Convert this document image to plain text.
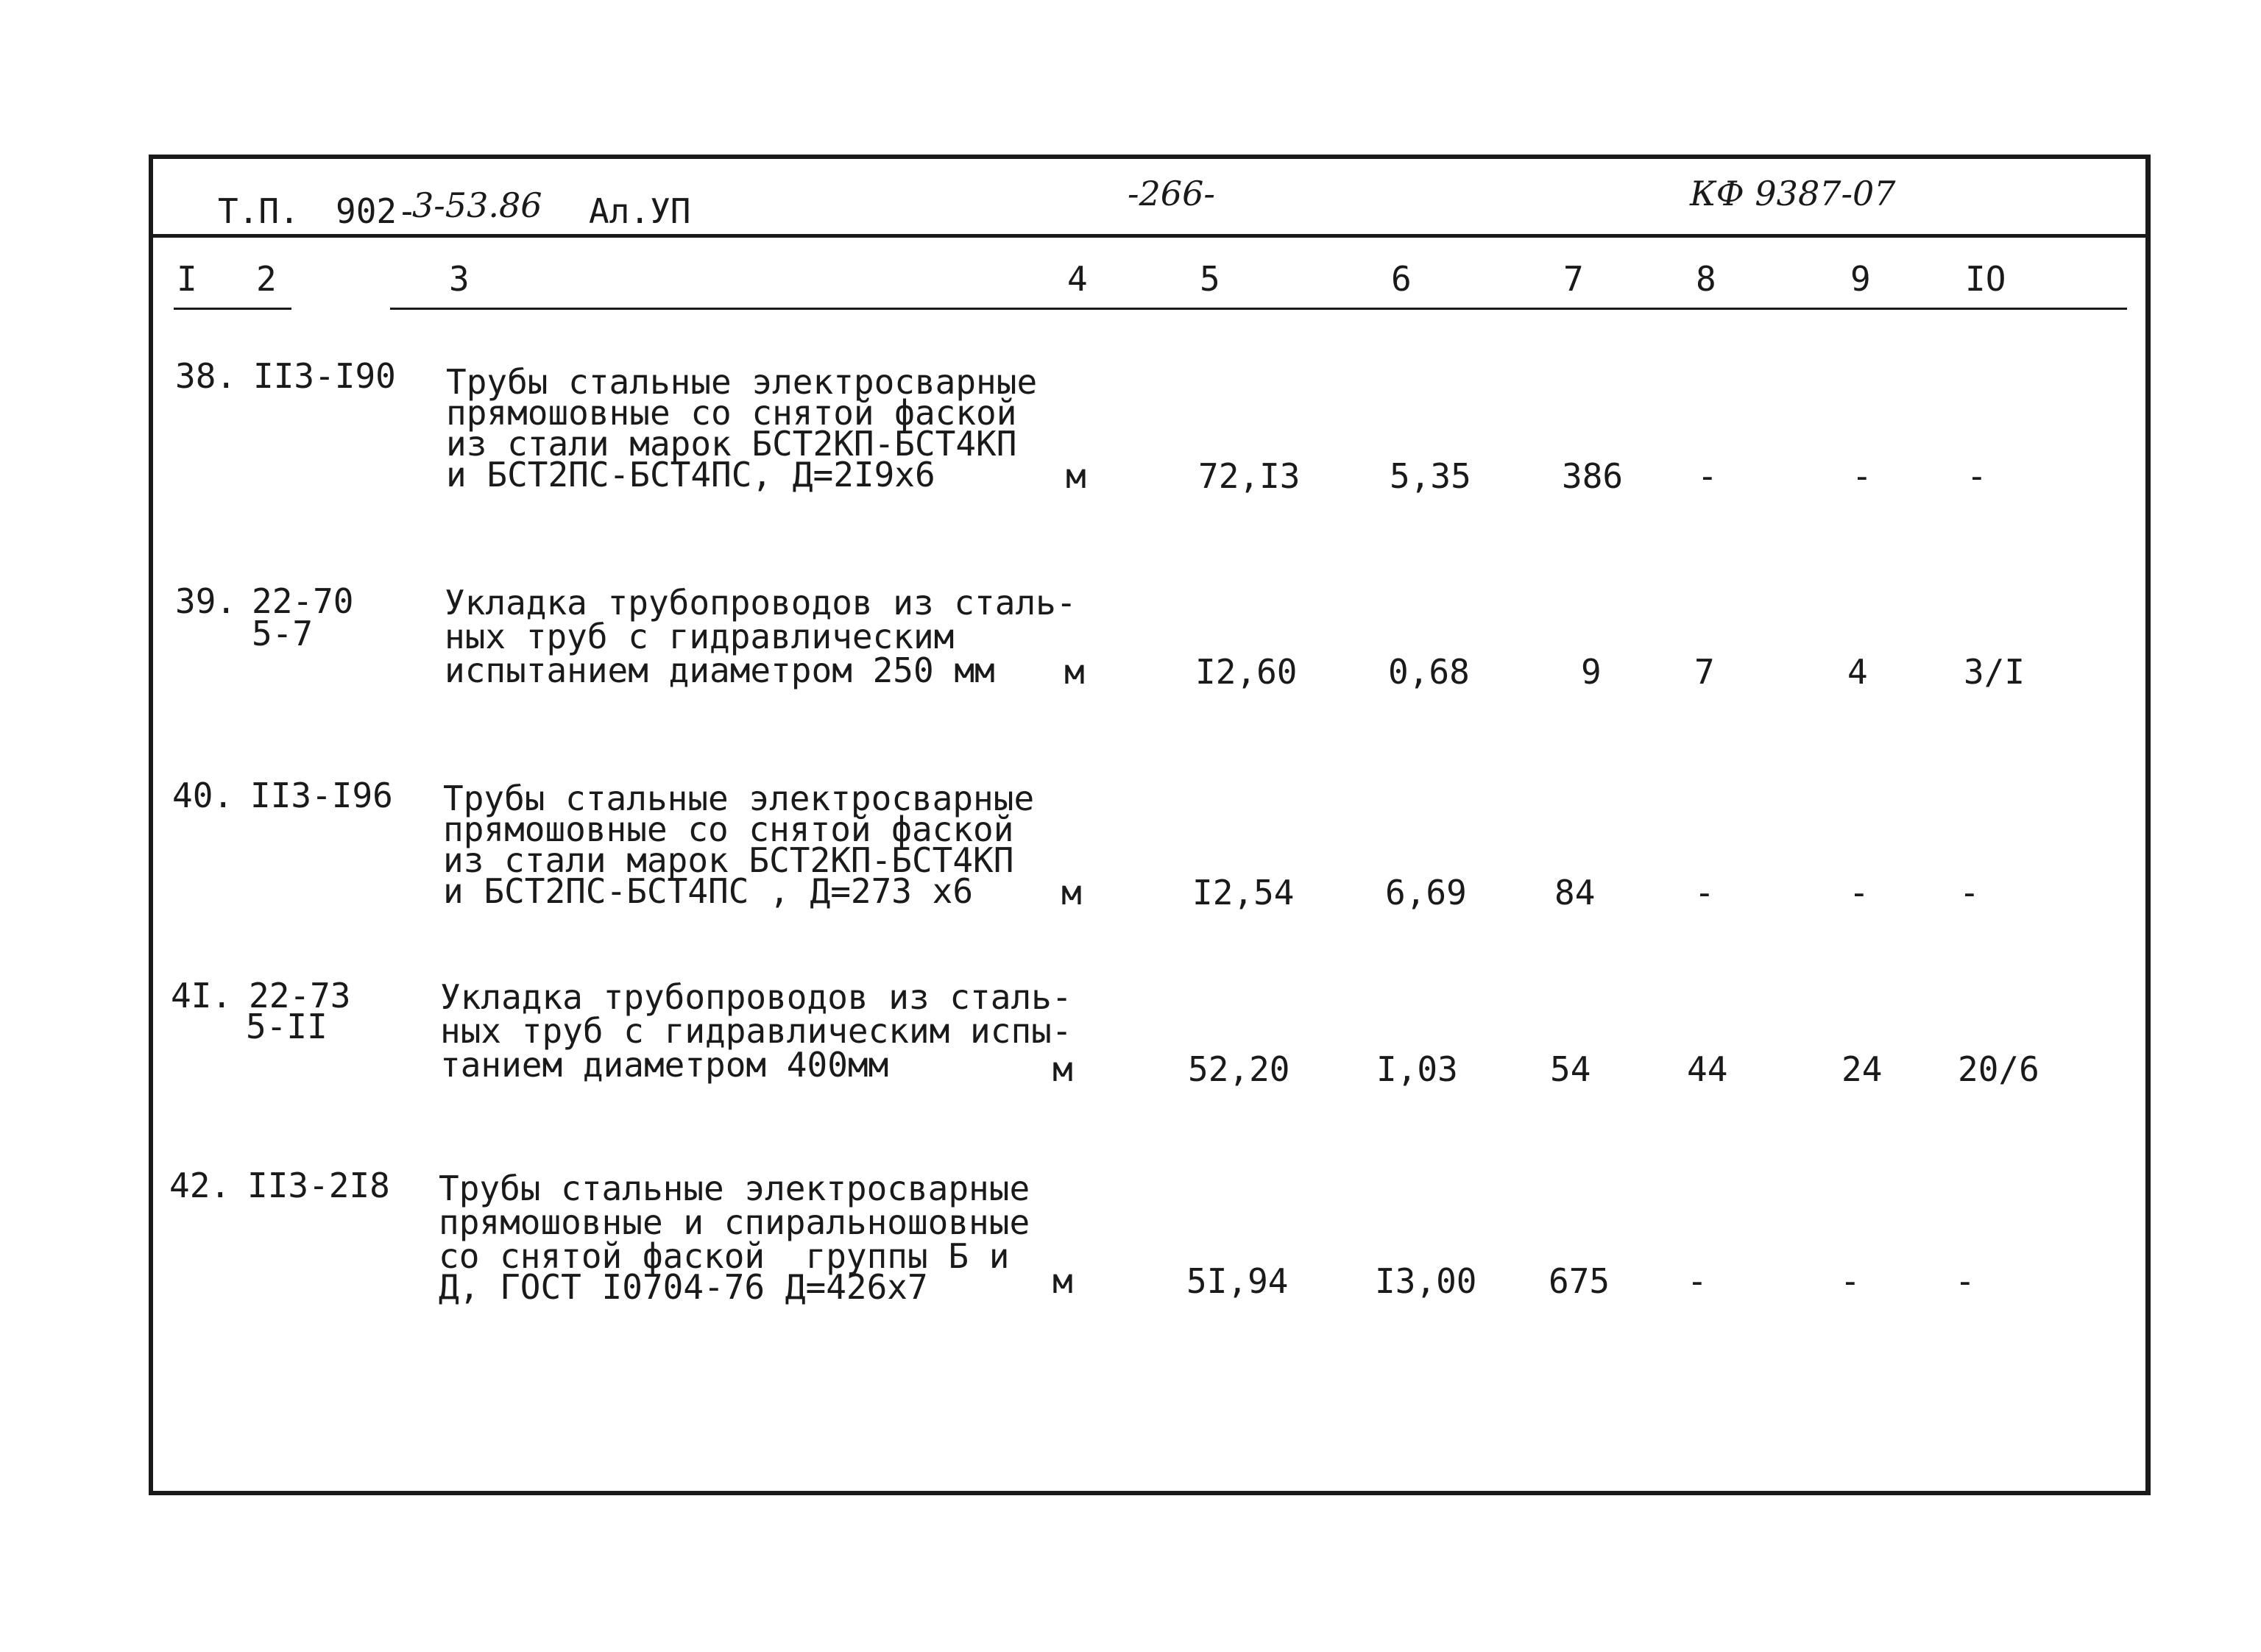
Т.П. 902-
3-53.86 Ал.УП	-266-	КФ 9387-07
I 2	3	4	5	6	7	8	9	IO
38. II3-I90 Трубы стальные электросварные
прямошовные со снятой фаской
из стали марок БСТ2КП-БСТ4КП
и БСТ2ПС-БСТ4ПС, Д=2I9x6	м	72,I3	5,35	386 -	-	-
39. 22-70
5-7
Укладка трубопроводов из сталь-
ных труб с гидравлическим
испытанием диаметром 250 мм м	I2,60	0,68	9	7	4	3/I
40. II3-I96 Трубы стальные электросварные
прямошовные со снятой фаской
из стали марок БСТ2КП-БСТ4КП
и БСТ2ПС-БСТ4ПС , Д=273 x6	м	I2,54	6,69	84	-	-	-
4I. 22-73
5-II
Укладка трубопроводов из сталь-
ных труб с гидравлическим испы-
танием диаметром 400мм	м	52,20	I,03	54	44	24 20/6
42. II3-2I8 Трубы стальные электросварные
прямошовные и спиральношовные
со снятой фаской  группы Б и
Д, ГОСТ I0704-76 Д=426x7	м	5I,94	I3,00 675 -	-	-
